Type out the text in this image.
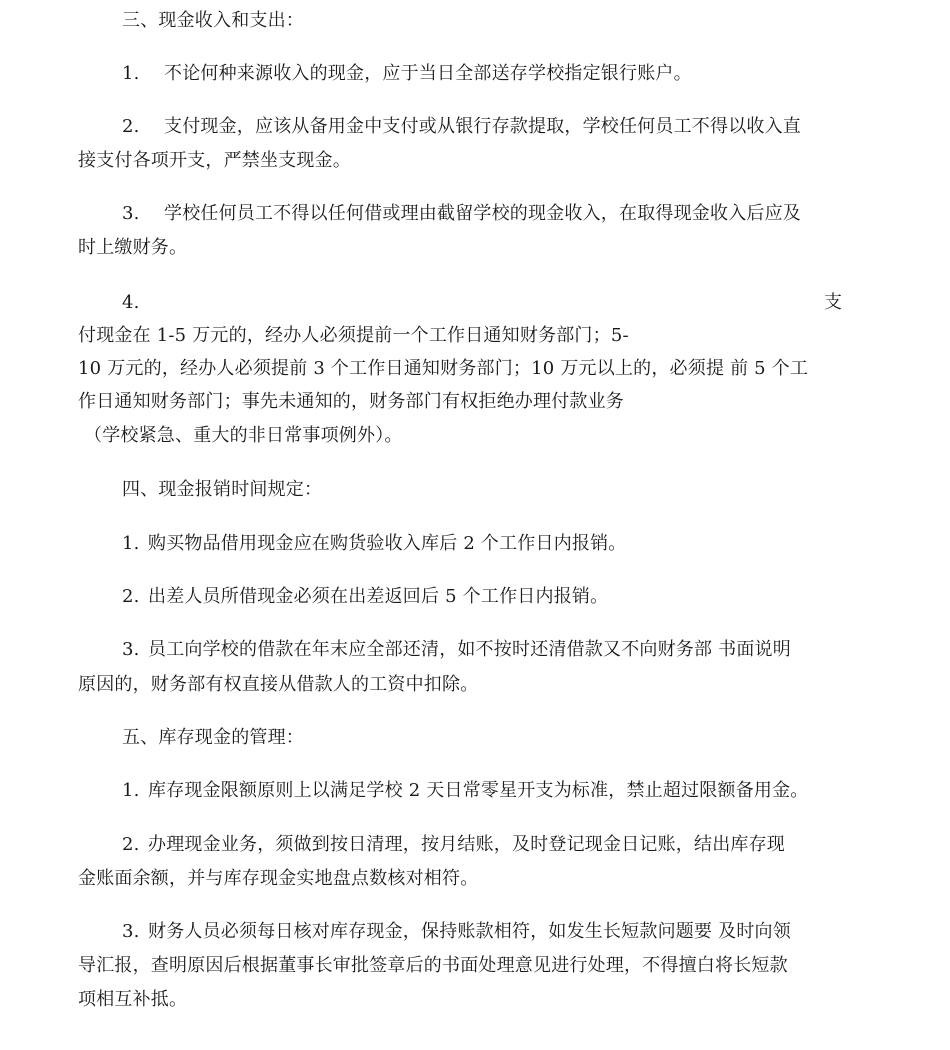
三、现金收入和支出：
1. 不论何种来源收入的现金，应于当日全部送存学校指定银行账户。
2. 支付现金，应该从备用金中支付或从银行存款提取，学校任何员工不得以收入直
接支付各项开支，严禁坐支现金。
3. 学校任何员工不得以任何借或理由截留学校的现金收入，在取得现金收入后应及
时上缴财务。
4.	支
付现金在 1-5 万元的，经办人必须提前一个工作日通知财务部门；5-
10 万元的，经办人必须提前 3 个工作日通知财务部门；10 万元以上的，必须提 前 5 个工
作日通知财务部门；事先未通知的，财务部门有权拒绝办理付款业务
（学校紧急、重大的非日常事项例外）。
四、现金报销时间规定：
1. 购买物品借用现金应在购货验收入库后 2 个工作日内报销。
2. 出差人员所借现金必须在出差返回后 5 个工作日内报销。
3. 员工向学校的借款在年末应全部还清，如不按时还清借款又不向财务部 书面说明
原因的，财务部有权直接从借款人的工资中扣除。
五、库存现金的管理：
1. 库存现金限额原则上以满足学校 2 天日常零星开支为标准，禁止超过限额备用金。
2. 办理现金业务，须做到按日清理，按月结账，及时登记现金日记账，结出库存现
金账面余额，并与库存现金实地盘点数核对相符。
3. 财务人员必须每日核对库存现金，保持账款相符，如发生长短款问题要 及时向领
导汇报，查明原因后根据董事长审批签章后的书面处理意见进行处理，不得擅白将长短款
项相互补抵。
